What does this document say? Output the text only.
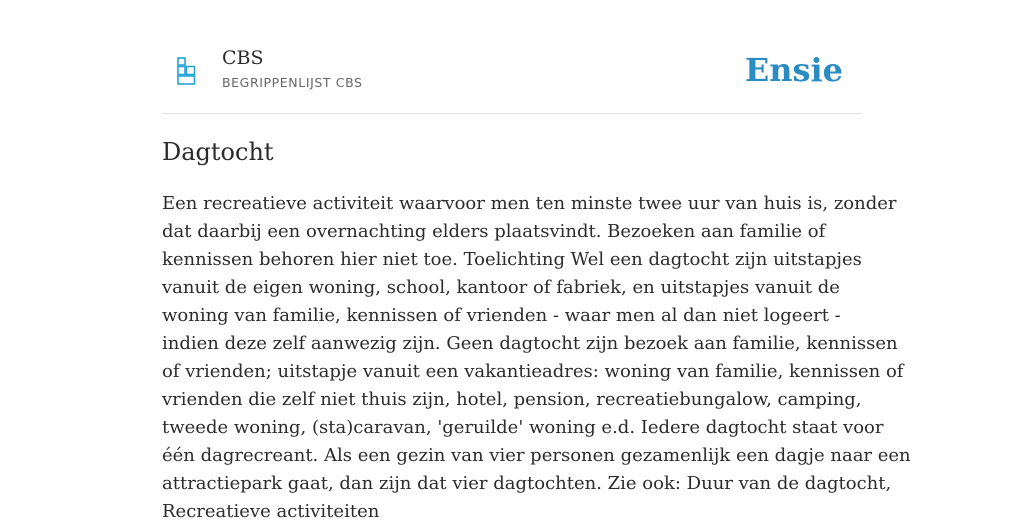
CBS
BEGRIPPENLIJST CBS	Ensie
Dagtocht

Een recreatieve activiteit waarvoor men ten minste twee uur van huis is, zonder
dat daarbij een overnachting elders plaatsvindt. Bezoeken aan familie of
kennissen behoren hier niet toe. Toelichting Wel een dagtocht zijn uitstapjes
vanuit de eigen woning, school, kantoor of fabriek, en uitstapjes vanuit de
woning van familie, kennissen of vrienden - waar men al dan niet logeert -
indien deze zelf aanwezig zijn. Geen dagtocht zijn bezoek aan familie, kennissen
of vrienden; uitstapje vanuit een vakantieadres: woning van familie, kennissen of
vrienden die zelf niet thuis zijn, hotel, pension, recreatiebungalow, camping,
tweede woning, (sta)caravan, 'geruilde' woning e.d. Iedere dagtocht staat voor
één dagrecreant. Als een gezin van vier personen gezamenlijk een dagje naar een
attractiepark gaat, dan zijn dat vier dagtochten. Zie ook: Duur van de dagtocht,
Recreatieve activiteiten
